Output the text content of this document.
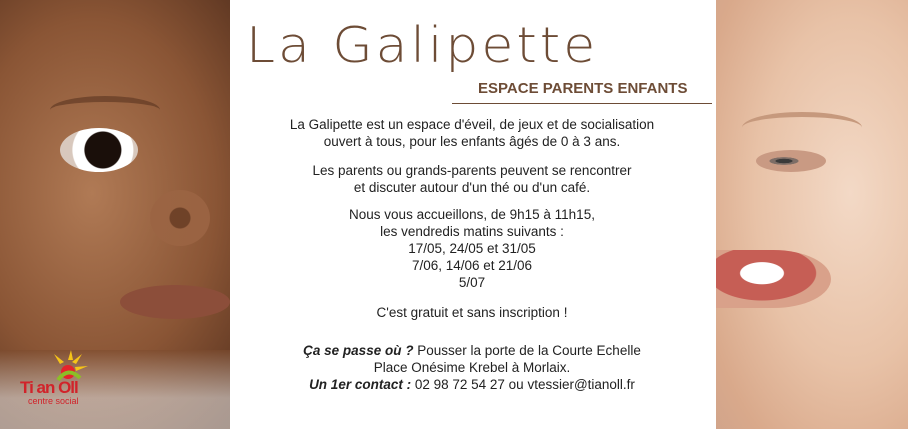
La Galipette
ESPACE PARENTS ENFANTS

La Galipette est un espace d'éveil, de jeux et de socialisation

ouvert à tous, pour les enfants âgés de 0 à 3 ans.

Les parents ou grands-parents peuvent se rencontrer

et discuter autour d'un thé ou d'un café.

Nous vous accueillons, de 9h15 à 11h15,

les vendredis matins suivants :

17/05, 24/05 et 31/05

7/06, 14/06 et 21/06

5/07

C'est gratuit et sans inscription !

Ça se passe où ? Pousser la porte de la Courte Echelle

Place Onésime Krebel à Morlaix.

Un 1er contact : 02 98 72 54 27 ou vtessier@tianoll.fr

Ti an Oll
centre social
